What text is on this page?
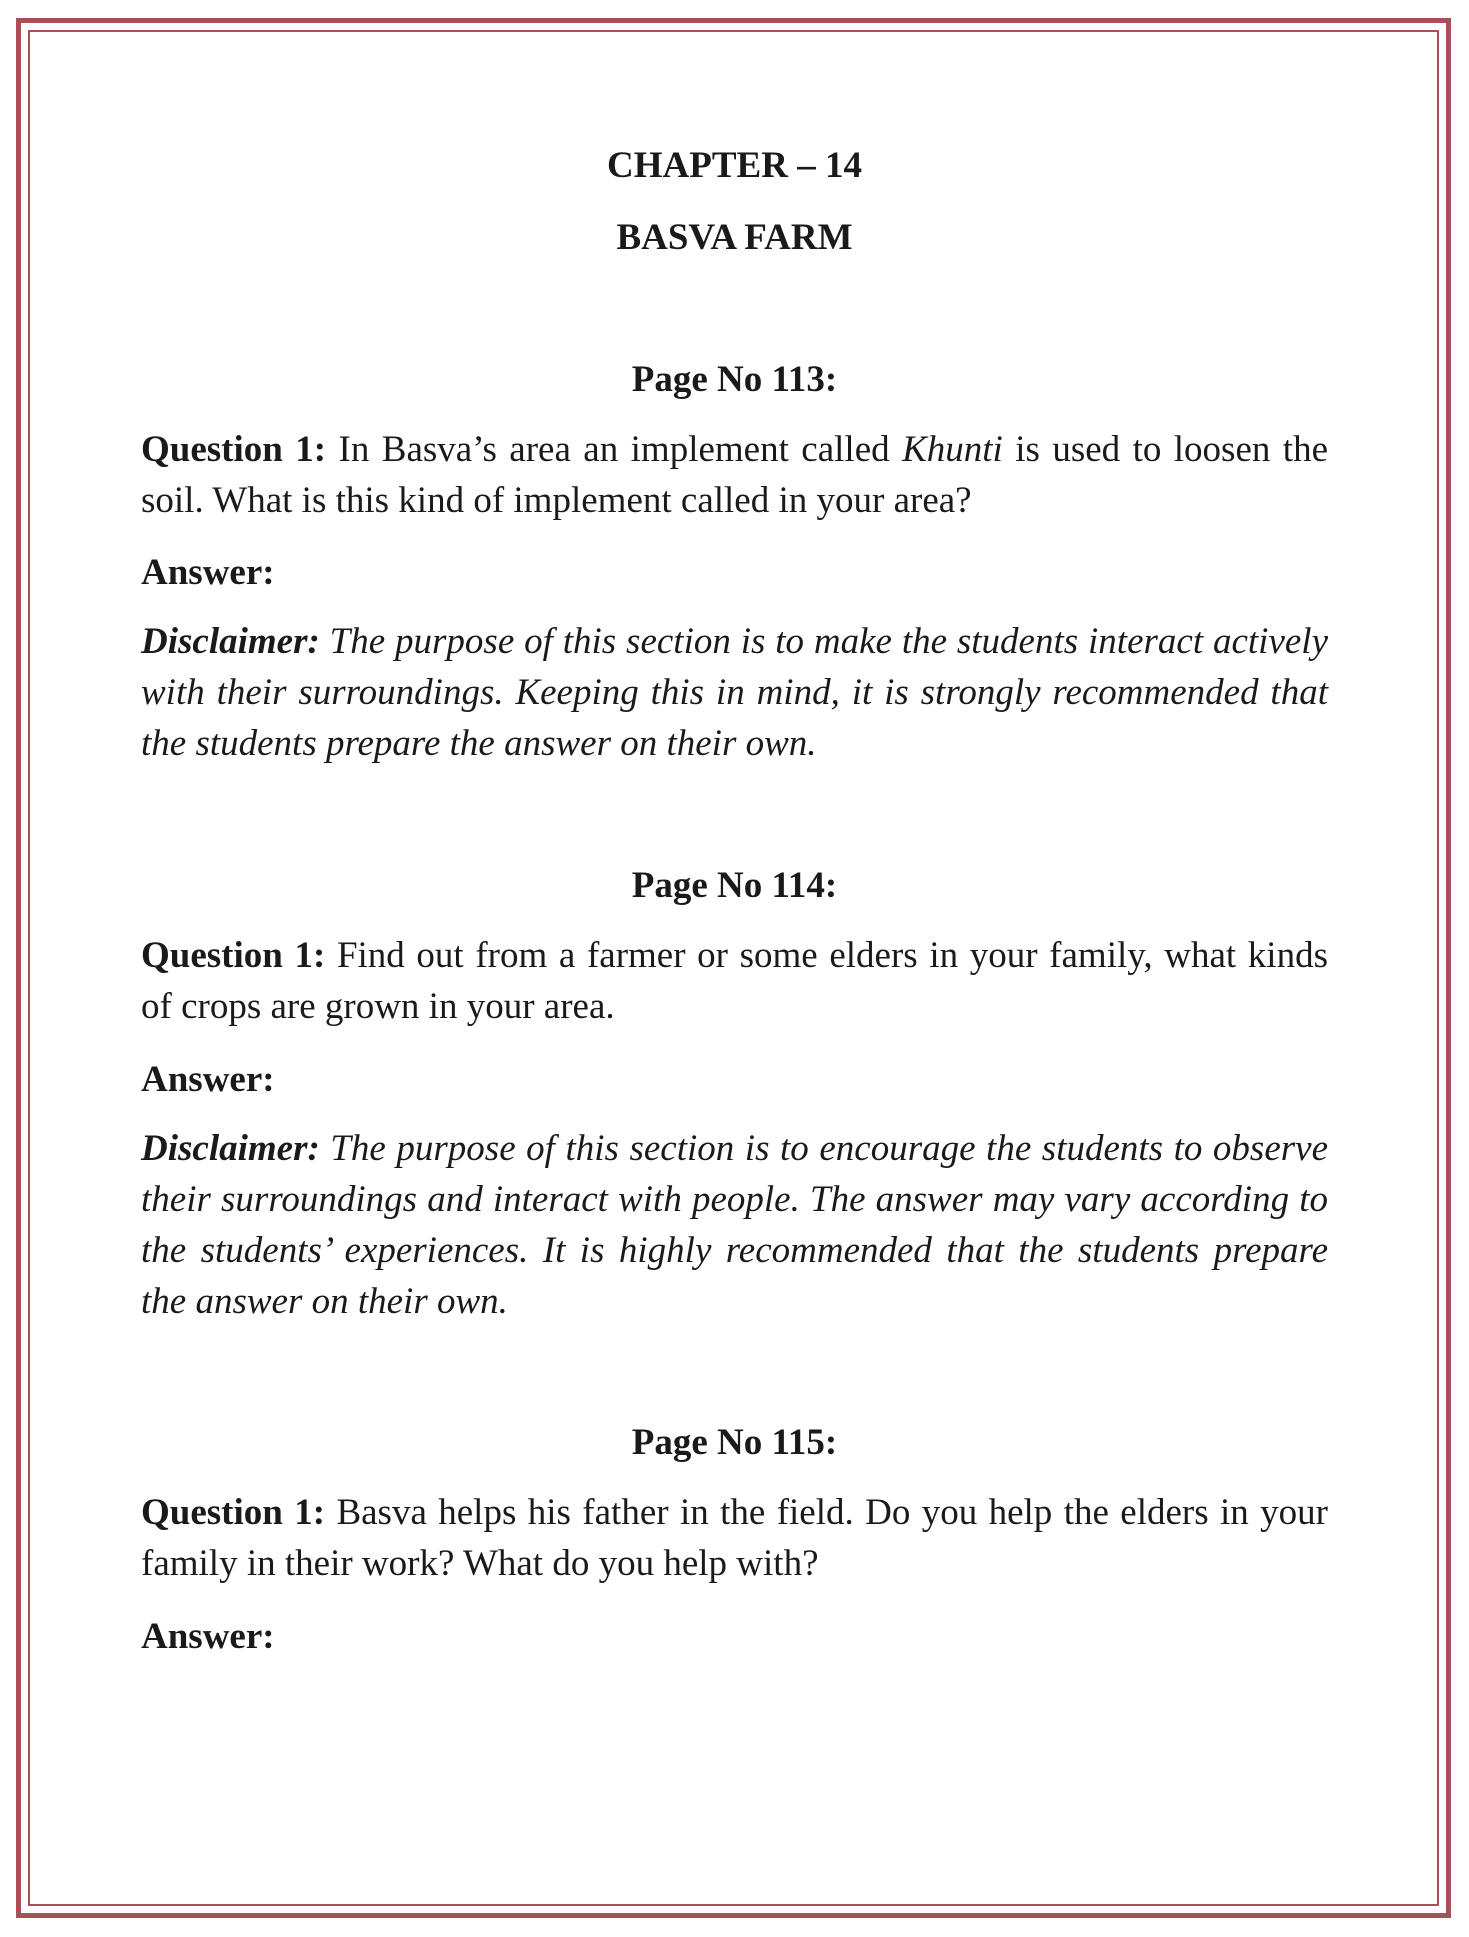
CHAPTER – 14
BASVA FARM
Page No 113:

Question 1: In Basva’s area an implement called Khunti is used to loosen the soil. What is this kind of implement called in your area?

Answer:

Disclaimer: The purpose of this section is to make the students interact actively with their surroundings. Keeping this in mind, it is strongly recommended that the students prepare the answer on their own.

Page No 114:

Question 1: Find out from a farmer or some elders in your family, what kinds of crops are grown in your area.

Answer:

Disclaimer: The purpose of this section is to encourage the students to observe their surroundings and interact with people. The answer may vary according to the students’ experiences. It is highly recommended that the students prepare the answer on their own.

Page No 115:

Question 1: Basva helps his father in the field. Do you help the elders in your family in their work? What do you help with?

Answer:
